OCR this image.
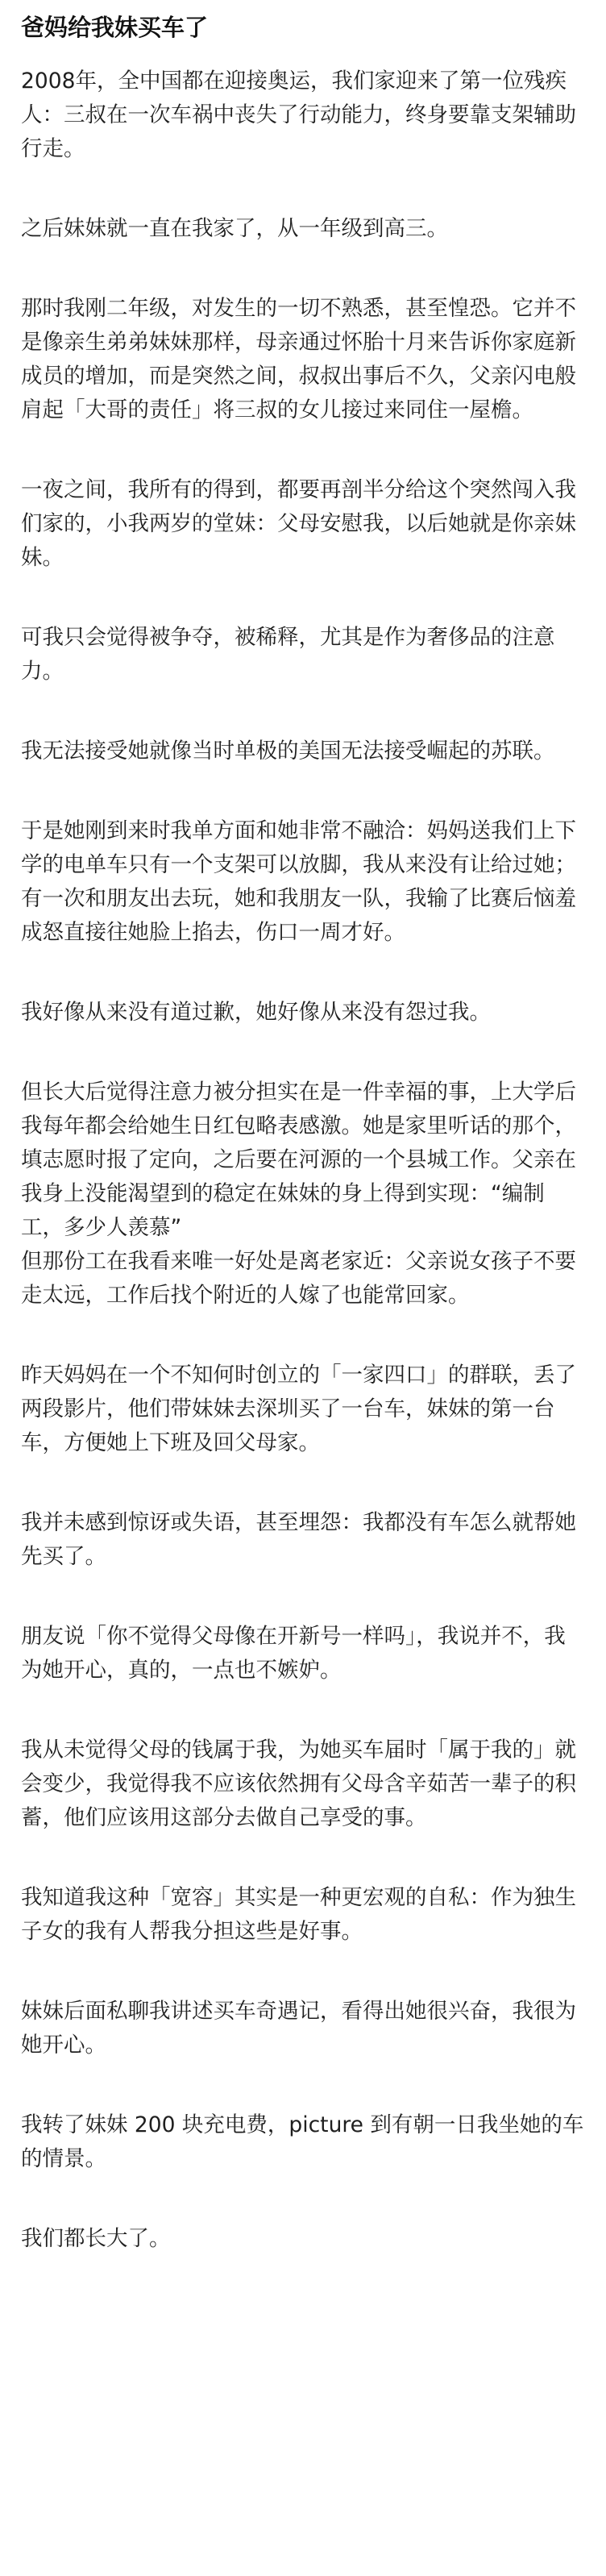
爸妈给我妹买车了

2008年，全中国都在迎接奥运，我们家迎来了第一位残疾人：三叔在一次车祸中丧失了行动能力，终身要靠支架辅助行走。

之后妹妹就一直在我家了，从一年级到高三。

那时我刚二年级，对发生的一切不熟悉，甚至惶恐。它并不是像亲生弟弟妹妹那样，母亲通过怀胎十月来告诉你家庭新成员的增加，而是突然之间，叔叔出事后不久，父亲闪电般肩起「大哥的责任」将三叔的女儿接过来同住一屋檐。

一夜之间，我所有的得到，都要再剖半分给这个突然闯入我们家的，小我两岁的堂妹：父母安慰我，以后她就是你亲妹妹。

可我只会觉得被争夺，被稀释，尤其是作为奢侈品的注意力。

我无法接受她就像当时单极的美国无法接受崛起的苏联。

于是她刚到来时我单方面和她非常不融洽：妈妈送我们上下学的电单车只有一个支架可以放脚，我从来没有让给过她；有一次和朋友出去玩，她和我朋友一队，我输了比赛后恼羞成怒直接往她脸上掐去，伤口一周才好。

我好像从来没有道过歉，她好像从来没有怨过我。

但长大后觉得注意力被分担实在是一件幸福的事，上大学后我每年都会给她生日红包略表感激。她是家里听话的那个，填志愿时报了定向，之后要在河源的一个县城工作。父亲在我身上没能渴望到的稳定在妹妹的身上得到实现：“编制工，多少人羡慕”

但那份工在我看来唯一好处是离老家近：父亲说女孩子不要走太远，工作后找个附近的人嫁了也能常回家。

昨天妈妈在一个不知何时创立的「一家四口」的群联，丢了两段影片，他们带妹妹去深圳买了一台车，妹妹的第一台车，方便她上下班及回父母家。

我并未感到惊讶或失语，甚至埋怨：我都没有车怎么就帮她先买了。

朋友说「你不觉得父母像在开新号一样吗」，我说并不，我为她开心，真的，一点也不嫉妒。

我从未觉得父母的钱属于我，为她买车届时「属于我的」就会变少，我觉得我不应该依然拥有父母含辛茹苦一辈子的积蓄，他们应该用这部分去做自己享受的事。

我知道我这种「宽容」其实是一种更宏观的自私：作为独生子女的我有人帮我分担这些是好事。

妹妹后面私聊我讲述买车奇遇记，看得出她很兴奋，我很为她开心。

我转了妹妹 200 块充电费，picture 到有朝一日我坐她的车的情景。

我们都长大了。
